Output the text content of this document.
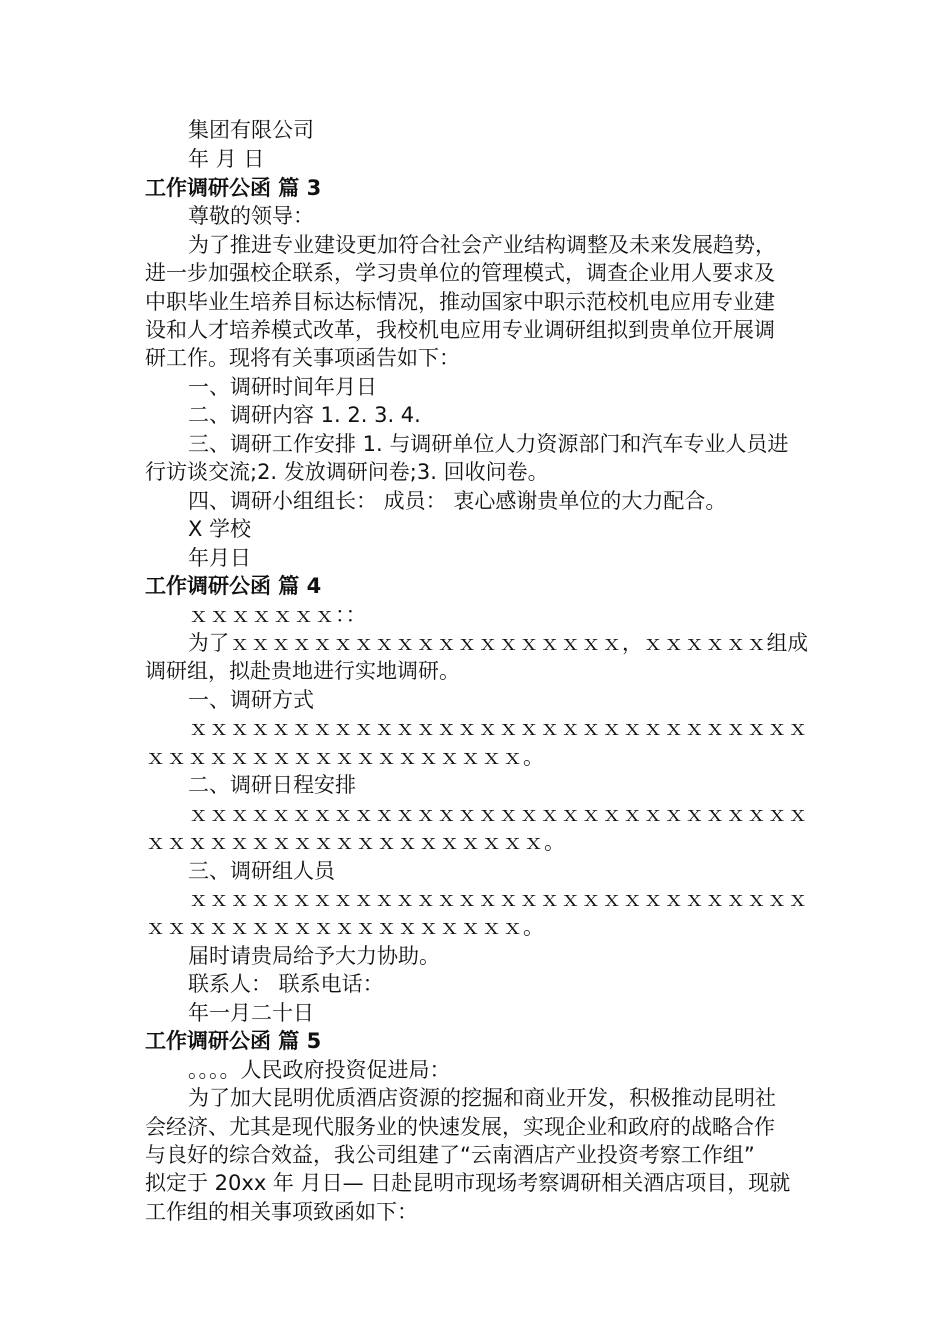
集团有限公司
年 月 日
工作调研公函 篇 3
尊敬的领导：
为了推进专业建设更加符合社会产业结构调整及未来发展趋势，
进一步加强校企联系，学习贵单位的管理模式，调查企业用人要求及
中职毕业生培养目标达标情况，推动国家中职示范校机电应用专业建
设和人才培养模式改革，我校机电应用专业调研组拟到贵单位开展调
研工作。现将有关事项函告如下：
一、调研时间年月日
二、调研内容 1. 2. 3. 4.
三、调研工作安排 1. 与调研单位人力资源部门和汽车专业人员进
行访谈交流;2. 发放调研问卷;3. 回收问卷。
四、调研小组组长： 成员： 衷心感谢贵单位的大力配合。
X 学校
年月日
工作调研公函 篇 4
ｘｘｘｘｘｘｘ：：
为了ｘｘｘｘｘｘｘｘｘｘｘｘｘｘｘｘｘｘｘ，ｘｘｘｘｘｘ组成
调研组，拟赴贵地进行实地调研。
一、调研方式
ｘｘｘｘｘｘｘｘｘｘｘｘｘｘｘｘｘｘｘｘｘｘｘｘｘｘｘｘｘｘ
ｘｘｘｘｘｘｘｘｘｘｘｘｘｘｘｘｘｘ。
二、调研日程安排
ｘｘｘｘｘｘｘｘｘｘｘｘｘｘｘｘｘｘｘｘｘｘｘｘｘｘｘｘｘｘ
ｘｘｘｘｘｘｘｘｘｘｘｘｘｘｘｘｘｘｘ。
三、调研组人员
ｘｘｘｘｘｘｘｘｘｘｘｘｘｘｘｘｘｘｘｘｘｘｘｘｘｘｘｘｘｘ
ｘｘｘｘｘｘｘｘｘｘｘｘｘｘｘｘｘｘ。
届时请贵局给予大力协助。
联系人： 联系电话：
年一月二十日
工作调研公函 篇 5
。。。。人民政府投资促进局：
为了加大昆明优质酒店资源的挖掘和商业开发，积极推动昆明社
会经济、尤其是现代服务业的快速发展，实现企业和政府的战略合作
与良好的综合效益，我公司组建了“云南酒店产业投资考察工作组”
拟定于 20xx 年 月日— 日赴昆明市现场考察调研相关酒店项目，现就
工作组的相关事项致函如下：
